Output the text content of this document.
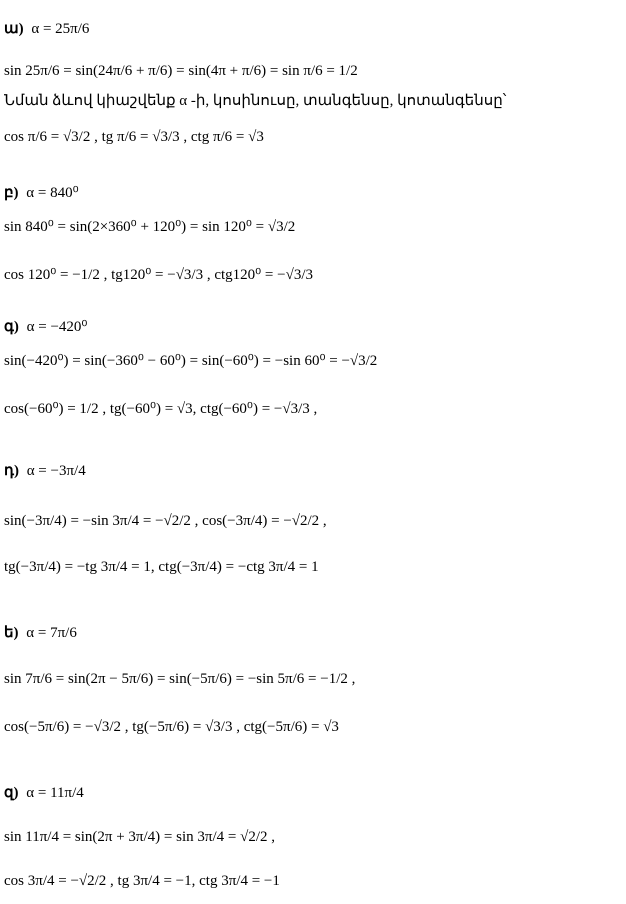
ա) α = 25π/6
sin 25π/6 = sin(24π/6 + π/6) = sin(4π + π/6) = sin π/6 = 1/2
Նման ձևով կիաշվենք α -ի, կոսինուսը, տանգենսը, կոտանգենսը՝
cos π/6 = √3/2 , tg π/6 = √3/3 , ctg π/6 = √3
բ) α = 840⁰
sin 840⁰ = sin(2×360⁰ + 120⁰) = sin 120⁰ = √3/2
cos 120⁰ = −1/2 , tg120⁰ = −√3/3 , ctg120⁰ = −√3/3
գ) α = −420⁰
sin(−420⁰) = sin(−360⁰ − 60⁰) = sin(−60⁰) = −sin 60⁰ = −√3/2
cos(−60⁰) = 1/2 , tg(−60⁰) = √3, ctg(−60⁰) = −√3/3 ,
դ) α = −3π/4
sin(−3π/4) = −sin 3π/4 = −√2/2 , cos(−3π/4) = −√2/2 ,
tg(−3π/4) = −tg 3π/4 = 1, ctg(−3π/4) = −ctg 3π/4 = 1
ե) α = 7π/6
sin 7π/6 = sin(2π − 5π/6) = sin(−5π/6) = −sin 5π/6 = −1/2 ,
cos(−5π/6) = −√3/2 , tg(−5π/6) = √3/3 , ctg(−5π/6) = √3
զ) α = 11π/4
sin 11π/4 = sin(2π + 3π/4) = sin 3π/4 = √2/2 ,
cos 3π/4 = −√2/2 , tg 3π/4 = −1, ctg 3π/4 = −1
